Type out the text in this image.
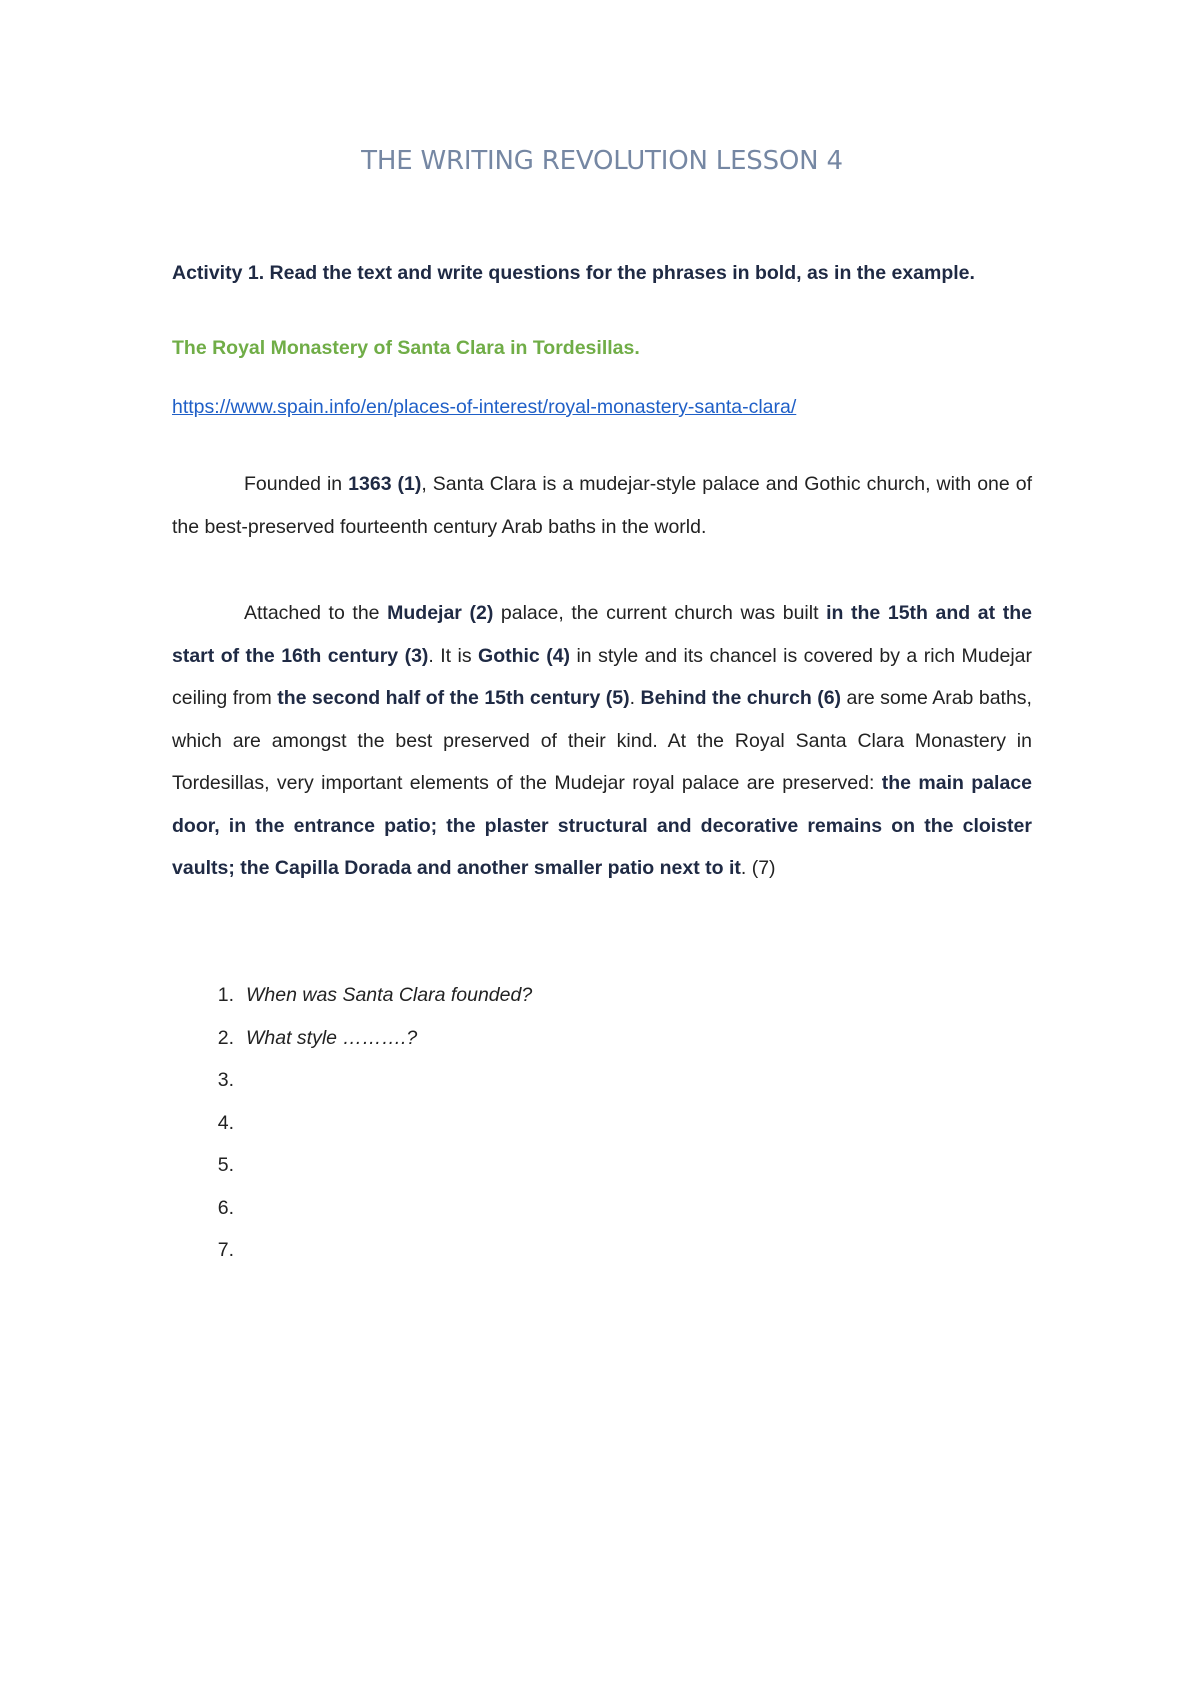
THE WRITING REVOLUTION LESSON 4
Activity 1. Read the text and write questions for the phrases in bold, as in the example.
The Royal Monastery of Santa Clara in Tordesillas.
https://www.spain.info/en/places-of-interest/royal-monastery-santa-clara/

Founded in 1363 (1), Santa Clara is a mudejar-style palace and Gothic church, with one of the best-preserved fourteenth century Arab baths in the world.

Attached to the Mudejar (2) palace, the current church was built in the 15th and at the start of the 16th century (3). It is Gothic (4) in style and its chancel is covered by a rich Mudejar ceiling from the second half of the 15th century (5). Behind the church (6) are some Arab baths, which are amongst the best preserved of their kind. At the Royal Santa Clara Monastery in Tordesillas, very important elements of the Mudejar royal palace are preserved: the main palace door, in the entrance patio; the plaster structural and decorative remains on the cloister vaults; the Capilla Dorada and another smaller patio next to it. (7)

1. When was Santa Clara founded?
2. What style ……….?
3.
4.
5.
6.
7.
